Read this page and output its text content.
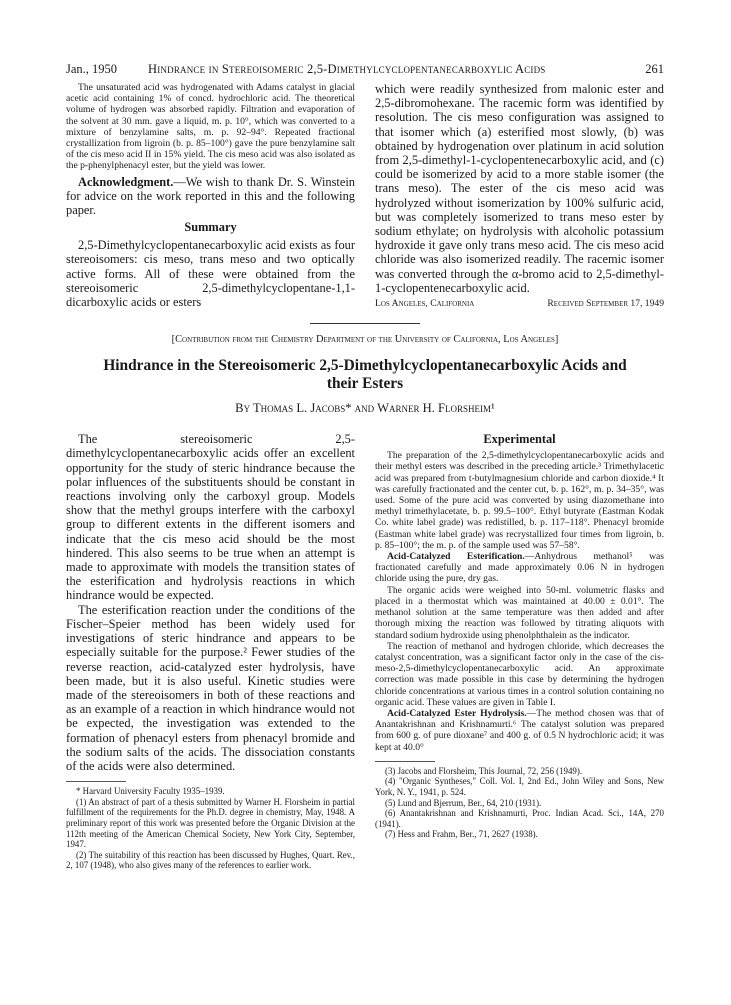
Jan., 1950 Hindrance in Stereoisomeric 2,5-Dimethylcyclopentanecarboxylic Acids	261

The unsaturated acid was hydrogenated with Adams catalyst in glacial acetic acid containing 1% of concd. hydrochloric acid. The theoretical volume of hydrogen was absorbed rapidly. Filtration and evaporation of the solvent at 30 mm. gave a liquid, m. p. 10°, which was converted to a mixture of benzylamine salts, m. p. 92–94°. Repeated fractional crystallization from ligroin (b. p. 85–100°) gave the pure benzylamine salt of the cis meso acid II in 15% yield. The cis meso acid was also isolated as the p-phenylphenacyl ester, but the yield was lower.

Acknowledgment.—We wish to thank Dr. S. Winstein for advice on the work reported in this and the following paper.

Summary

2,5-Dimethylcyclopentanecarboxylic acid exists as four stereoisomers: cis meso, trans meso and two optically active forms. All of these were obtained from the stereoisomeric 2,5-dimethylcyclopentane-1,1-dicarboxylic acids or esters

which were readily synthesized from malonic ester and 2,5-dibromohexane. The racemic form was identified by resolution. The cis meso configuration was assigned to that isomer which (a) esterified most slowly, (b) was obtained by hydrogenation over platinum in acid solution from 2,5-dimethyl-1-cyclopentenecarboxylic acid, and (c) could be isomerized by acid to a more stable isomer (the trans meso). The ester of the cis meso acid was hydrolyzed without isomerization by 100% sulfuric acid, but was completely isomerized to trans meso ester by sodium ethylate; on hydrolysis with alcoholic potassium hydroxide it gave only trans meso acid. The cis meso acid chloride was also isomerized readily. The racemic isomer was converted through the α-bromo acid to 2,5-dimethyl-1-cyclopentenecarboxylic acid.

Los Angeles, California	Received September 17, 1949
[Contribution from the Chemistry Department of the University of California, Los Angeles]
Hindrance in the Stereoisomeric 2,5-Dimethylcyclopentanecarboxylic Acids and their Esters
By Thomas L. Jacobs* and Warner H. Florsheim¹

The stereoisomeric 2,5-dimethylcyclopentanecarboxylic acids offer an excellent opportunity for the study of steric hindrance because the polar influences of the substituents should be constant in reactions involving only the carboxyl group. Models show that the methyl groups interfere with the carboxyl group to different extents in the different isomers and indicate that the cis meso acid should be the most hindered. This also seems to be true when an attempt is made to approximate with models the transition states of the esterification and hydrolysis reactions in which hindrance would be expected.

The esterification reaction under the conditions of the Fischer–Speier method has been widely used for investigations of steric hindrance and appears to be especially suitable for the purpose.² Fewer studies of the reverse reaction, acid-catalyzed ester hydrolysis, have been made, but it is also useful. Kinetic studies were made of the stereoisomers in both of these reactions and as an example of a reaction in which hindrance would not be expected, the investigation was extended to the formation of phenacyl esters from phenacyl bromide and the sodium salts of the acids. The dissociation constants of the acids were also determined.

* Harvard University Faculty 1935–1939.

(1) An abstract of part of a thesis submitted by Warner H. Florsheim in partial fulfillment of the requirements for the Ph.D. degree in chemistry, May, 1948. A preliminary report of this work was presented before the Organic Division at the 112th meeting of the American Chemical Society, New York City, September, 1947.

(2) The suitability of this reaction has been discussed by Hughes, Quart. Rev., 2, 107 (1948), who also gives many of the references to earlier work.

Experimental

The preparation of the 2,5-dimethylcyclopentanecarboxylic acids and their methyl esters was described in the preceding article.³ Trimethylacetic acid was prepared from t-butylmagnesium chloride and carbon dioxide.⁴ It was carefully fractionated and the center cut, b. p. 162°, m. p. 34–35°, was used. Some of the pure acid was converted by using diazomethane into methyl trimethylacetate, b. p. 99.5–100°. Ethyl butyrate (Eastman Kodak Co. white label grade) was redistilled, b. p. 117–118°. Phenacyl bromide (Eastman white label grade) was recrystallized four times from ligroin, b. p. 85–100°; the m. p. of the sample used was 57–58°.

Acid-Catalyzed Esterification.—Anhydrous methanol⁵ was fractionated carefully and made approximately 0.06 N in hydrogen chloride using the pure, dry gas.

The organic acids were weighed into 50-ml. volumetric flasks and placed in a thermostat which was maintained at 40.00 ± 0.01°. The methanol solution at the same temperature was then added and after thorough mixing the reaction was followed by titrating aliquots with standard sodium hydroxide using phenolphthalein as the indicator.

The reaction of methanol and hydrogen chloride, which decreases the catalyst concentration, was a significant factor only in the case of the cis-meso-2,5-dimethylcyclopentanecarboxylic acid. An approximate correction was made possible in this case by determining the hydrogen chloride concentrations at various times in a control solution containing no organic acid. These values are given in Table I.

Acid-Catalyzed Ester Hydrolysis.—The method chosen was that of Anantakrishnan and Krishnamurti.⁶ The catalyst solution was prepared from 600 g. of pure dioxane⁷ and 400 g. of 0.5 N hydrochloric acid; it was kept at 40.0°

(3) Jacobs and Florsheim, This Journal, 72, 256 (1949).

(4) "Organic Syntheses," Coll. Vol. I, 2nd Ed., John Wiley and Sons, New York, N. Y., 1941, p. 524.

(5) Lund and Bjerrum, Ber., 64, 210 (1931).

(6) Anantakrishnan and Krishnamurti, Proc. Indian Acad. Sci., 14A, 270 (1941).

(7) Hess and Frahm, Ber., 71, 2627 (1938).
